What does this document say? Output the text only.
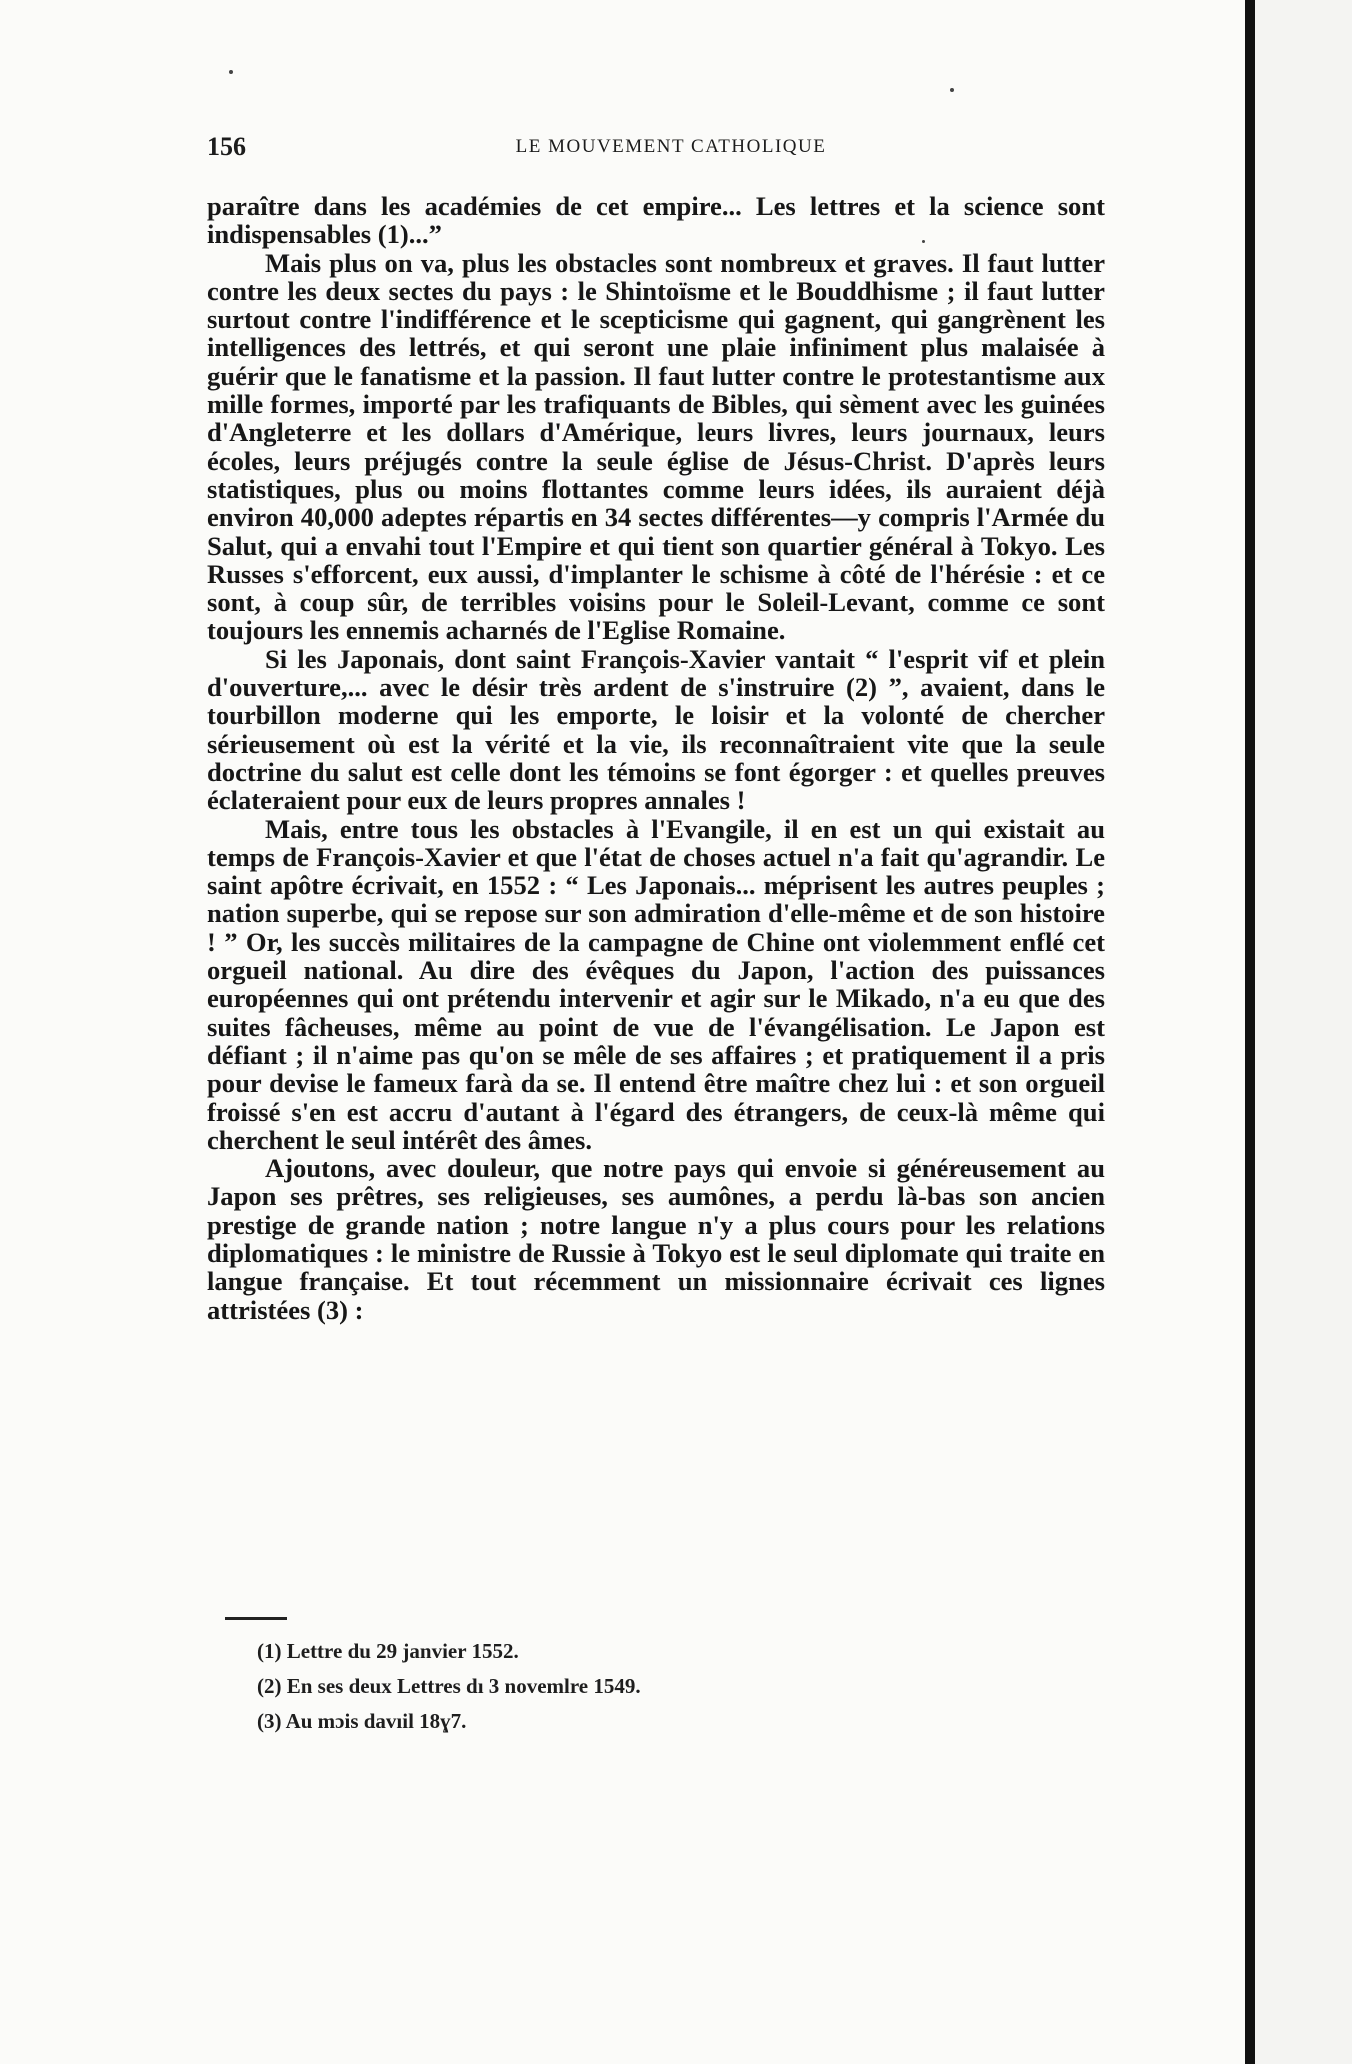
156	LE MOUVEMENT CATHOLIQUE

paraître dans les académies de cet empire... Les lettres et la science sont indispensables (1)...”

Mais plus on va, plus les obstacles sont nombreux et graves. Il faut lutter contre les deux sectes du pays : le Shintoïsme et le Bouddhisme ; il faut lutter surtout contre l'indifférence et le scepticisme qui gagnent, qui gangrènent les intelligences des lettrés, et qui seront une plaie infiniment plus malaisée à guérir que le fanatisme et la passion. Il faut lutter contre le protestantisme aux mille formes, importé par les trafiquants de Bibles, qui sèment avec les guinées d'Angleterre et les dollars d'Amérique, leurs livres, leurs journaux, leurs écoles, leurs préjugés contre la seule église de Jésus-Christ. D'après leurs statistiques, plus ou moins flottantes comme leurs idées, ils auraient déjà environ 40,000 adeptes répartis en 34 sectes différentes—y compris l'Armée du Salut, qui a envahi tout l'Empire et qui tient son quartier général à Tokyo. Les Russes s'efforcent, eux aussi, d'implanter le schisme à côté de l'hérésie : et ce sont, à coup sûr, de terribles voisins pour le Soleil-Levant, comme ce sont toujours les ennemis acharnés de l'Eglise Romaine.

Si les Japonais, dont saint François-Xavier vantait “ l'esprit vif et plein d'ouverture,... avec le désir très ardent de s'instruire (2) ”, avaient, dans le tourbillon moderne qui les emporte, le loisir et la volonté de chercher sérieusement où est la vérité et la vie, ils reconnaîtraient vite que la seule doctrine du salut est celle dont les témoins se font égorger : et quelles preuves éclateraient pour eux de leurs propres annales !

Mais, entre tous les obstacles à l'Evangile, il en est un qui existait au temps de François-Xavier et que l'état de choses actuel n'a fait qu'agrandir. Le saint apôtre écrivait, en 1552 : “ Les Japonais... méprisent les autres peuples ; nation superbe, qui se repose sur son admiration d'elle-même et de son histoire ! ” Or, les succès militaires de la campagne de Chine ont violemment enflé cet orgueil national. Au dire des évêques du Japon, l'action des puissances européennes qui ont prétendu intervenir et agir sur le Mikado, n'a eu que des suites fâcheuses, même au point de vue de l'évangélisation. Le Japon est défiant ; il n'aime pas qu'on se mêle de ses affaires ; et pratiquement il a pris pour devise le fameux farà da se. Il entend être maître chez lui : et son orgueil froissé s'en est accru d'autant à l'égard des étrangers, de ceux-là même qui cherchent le seul intérêt des âmes.

Ajoutons, avec douleur, que notre pays qui envoie si généreusement au Japon ses prêtres, ses religieuses, ses aumônes, a perdu là-bas son ancien prestige de grande nation ; notre langue n'y a plus cours pour les relations diplomatiques : le ministre de Russie à Tokyo est le seul diplomate qui traite en langue française. Et tout récemment un missionnaire écrivait ces lignes attristées (3) :

(1) Lettre du 29 janvier 1552.
(2) En ses deux Lettres dı 3 novemlre 1549.
(3) Au mɔis dаvıil 18ɣ7.
